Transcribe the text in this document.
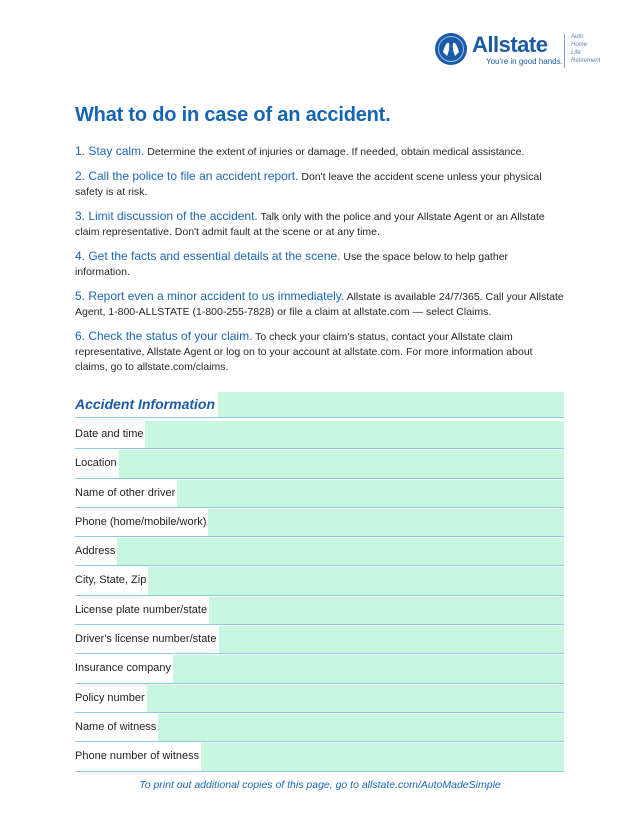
Allstate
You're in good hands.
Auto
Home
Life
Retirement
What to do in case of an accident.
1. Stay calm. Determine the extent of injuries or damage. If needed, obtain medical assistance.
2. Call the police to file an accident report. Don't leave the accident scene unless your physical safety is at risk.
3. Limit discussion of the accident. Talk only with the police and your Allstate Agent or an Allstate claim representative. Don't admit fault at the scene or at any time.
4. Get the facts and essential details at the scene. Use the space below to help gather information.
5. Report even a minor accident to us immediately. Allstate is available 24/7/365. Call your Allstate Agent, 1-800-ALLSTATE (1-800-255-7828) or file a claim at allstate.com — select Claims.
6. Check the status of your claim. To check your claim's status, contact your Allstate claim representative, Allstate Agent or log on to your account at allstate.com. For more information about claims, go to allstate.com/claims.
Accident Information
Date and time
Location
Name of other driver
Phone (home/mobile/work)
Address
City, State, Zip
License plate number/state
Driver's license number/state
Insurance company
Policy number
Name of witness
Phone number of witness
To print out additional copies of this page, go to allstate.com/AutoMadeSimple
